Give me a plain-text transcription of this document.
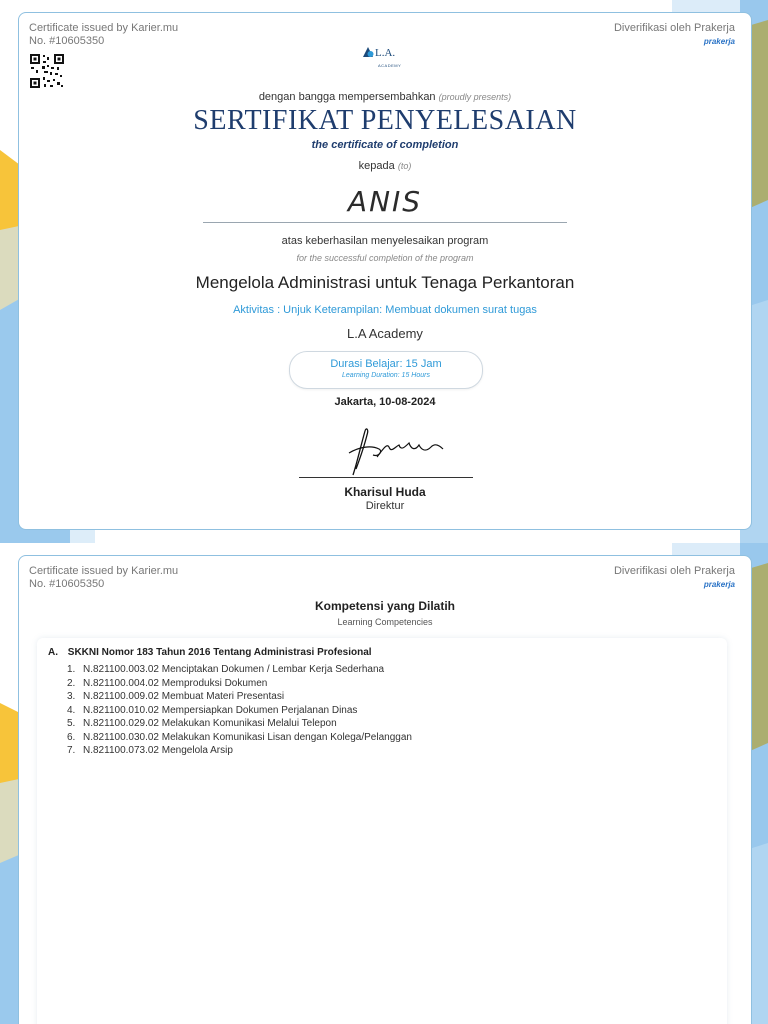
Certificate issued by Karier.mu
No. #10605350
Diverifikasi oleh Prakerja
prakerja
L.A.
ACADEMY
dengan bangga mempersembahkan (proudly presents)
SERTIFIKAT PENYELESAIAN
the certificate of completion
kepada (to)
ANIS
atas keberhasilan menyelesaikan program
for the successful completion of the program
Mengelola Administrasi untuk Tenaga Perkantoran
Aktivitas : Unjuk Keterampilan: Membuat dokumen surat tugas
L.A Academy
Durasi Belajar: 15 Jam
Learning Duration: 15 Hours
Jakarta, 10-08-2024
Kharisul Huda
Direktur
Certificate issued by Karier.mu
No. #10605350
Diverifikasi oleh Prakerja
prakerja
Kompetensi yang Dilatih
Learning Competencies
A. SKKNI Nomor 183 Tahun 2016 Tentang Administrasi Profesional
1. N.821100.003.02 Menciptakan Dokumen / Lembar Kerja Sederhana
2. N.821100.004.02 Memproduksi Dokumen
3. N.821100.009.02 Membuat Materi Presentasi
4. N.821100.010.02 Mempersiapkan Dokumen Perjalanan Dinas
5. N.821100.029.02 Melakukan Komunikasi Melalui Telepon
6. N.821100.030.02 Melakukan Komunikasi Lisan dengan Kolega/Pelanggan
7. N.821100.073.02 Mengelola Arsip
